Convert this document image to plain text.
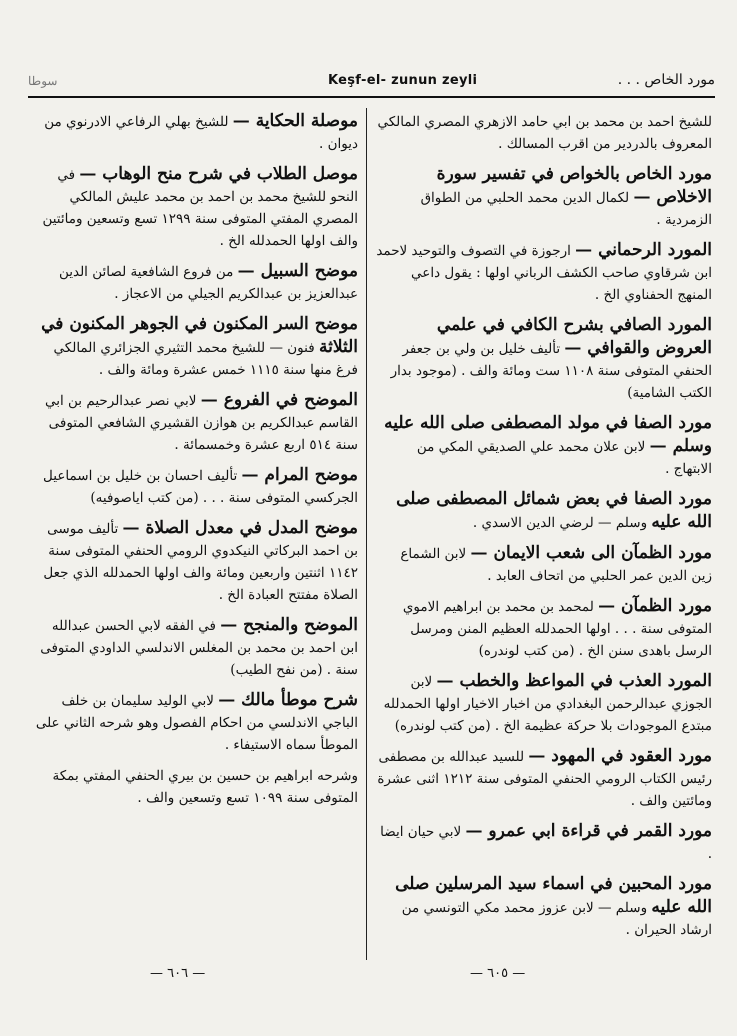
سوطا	Keşf-el- zunun zeyli	مورد الخاص . . .
للشيخ احمد بن محمد بن ابي حامد الازهري المصري المالكي المعروف بالدردير من اقرب المسالك .
مورد الخاص بالخواص في تفسير سورة الاخلاص — لكمال الدين محمد الحلبي من الطواق الزمردية .
المورد الرحماني — ارجوزة في التصوف والتوحيد لاحمد ابن شرقاوي صاحب الكشف الرباني اولها : يقول داعي المنهج الحفناوي الخ .
المورد الصافي بشرح الكافي في علمي العروض والقوافي — تأليف خليل بن ولي بن جعفر الحنفي المتوفى سنة ١١٠٨ ست ومائة والف . (موجود بدار الكتب الشامية)
مورد الصفا في مولد المصطفى صلى الله عليه وسلم — لابن علان محمد علي الصديقي المكي من الابتهاج .
مورد الصفا في بعض شمائل المصطفى صلى الله عليه وسلم — لرضي الدين الاسدي .
مورد الظمآن الى شعب الايمان — لابن الشماع زين الدين عمر الحلبي من اتحاف العابد .
مورد الظمآن — لمحمد بن محمد بن ابراهيم الاموي المتوفى سنة . . . اولها الحمدلله العظيم المنن ومرسل الرسل باهدى سنن الخ . (من كتب لوندره)
المورد العذب في المواعظ والخطب — لابن الجوزي عبدالرحمن البغدادي من اخبار الاخيار اولها الحمدلله مبتدع الموجودات بلا حركة عظيمة الخ . (من كتب لوندره)
مورد العقود في المهود — للسيد عبدالله بن مصطفى رئيس الكتاب الرومي الحنفي المتوفى سنة ١٢١٢ اثنى عشرة ومائتين والف .
مورد القمر في قراءة ابي عمرو — لابي حيان ايضا .
مورد المحبين في اسماء سيد المرسلين صلى الله عليه وسلم — لابن عزوز محمد مكي التونسي من ارشاد الحيران .
موصلة الحكاية — للشيخ بهلي الرفاعي الادرنوي من ديوان .
موصل الطلاب في شرح منح الوهاب — في النحو للشيخ محمد بن احمد بن محمد عليش المالكي المصري المفتي المتوفى سنة ١٢٩٩ تسع وتسعين ومائتين والف اولها الحمدلله الخ .
موضح السبيل — من فروع الشافعية لصائن الدين عبدالعزيز بن عبدالكريم الجيلي من الاعجاز .
موضح السر المكنون في الجوهر المكنون في الثلاثة فنون — للشيخ محمد التثيري الجزائري المالكي فرغ منها سنة ١١١٥ خمس عشرة ومائة والف .
الموضح في الفروع — لابي نصر عبدالرحيم بن ابي القاسم عبدالكريم بن هوازن القشيري الشافعي المتوفى سنة ٥١٤ اربع عشرة وخمسمائة .
موضح المرام — تأليف احسان بن خليل بن اسماعيل الجركسي المتوفى سنة . . . (من كتب اياصوفيه)
موضح المدل في معدل الصلاة — تأليف موسى بن احمد البركاتي النيكدوي الرومي الحنفي المتوفى سنة ١١٤٢ اثنتين واربعين ومائة والف اولها الحمدلله الذي جعل الصلاة مفتتح العبادة الخ .
الموضح والمنجح — في الفقه لابي الحسن عبدالله ابن احمد بن محمد بن المغلس الاندلسي الداودي المتوفى سنة . (من نفح الطيب)
شرح موطأ مالك — لابي الوليد سليمان بن خلف الباجي الاندلسي من احكام الفصول وهو شرحه الثاني على الموطأ سماه الاستيفاء .
وشرحه ابراهيم بن حسين بن بيري الحنفي المفتي بمكة المتوفى سنة ١٠٩٩ تسع وتسعين والف .
— ٦٠٦ —	— ٦٠٥ —
